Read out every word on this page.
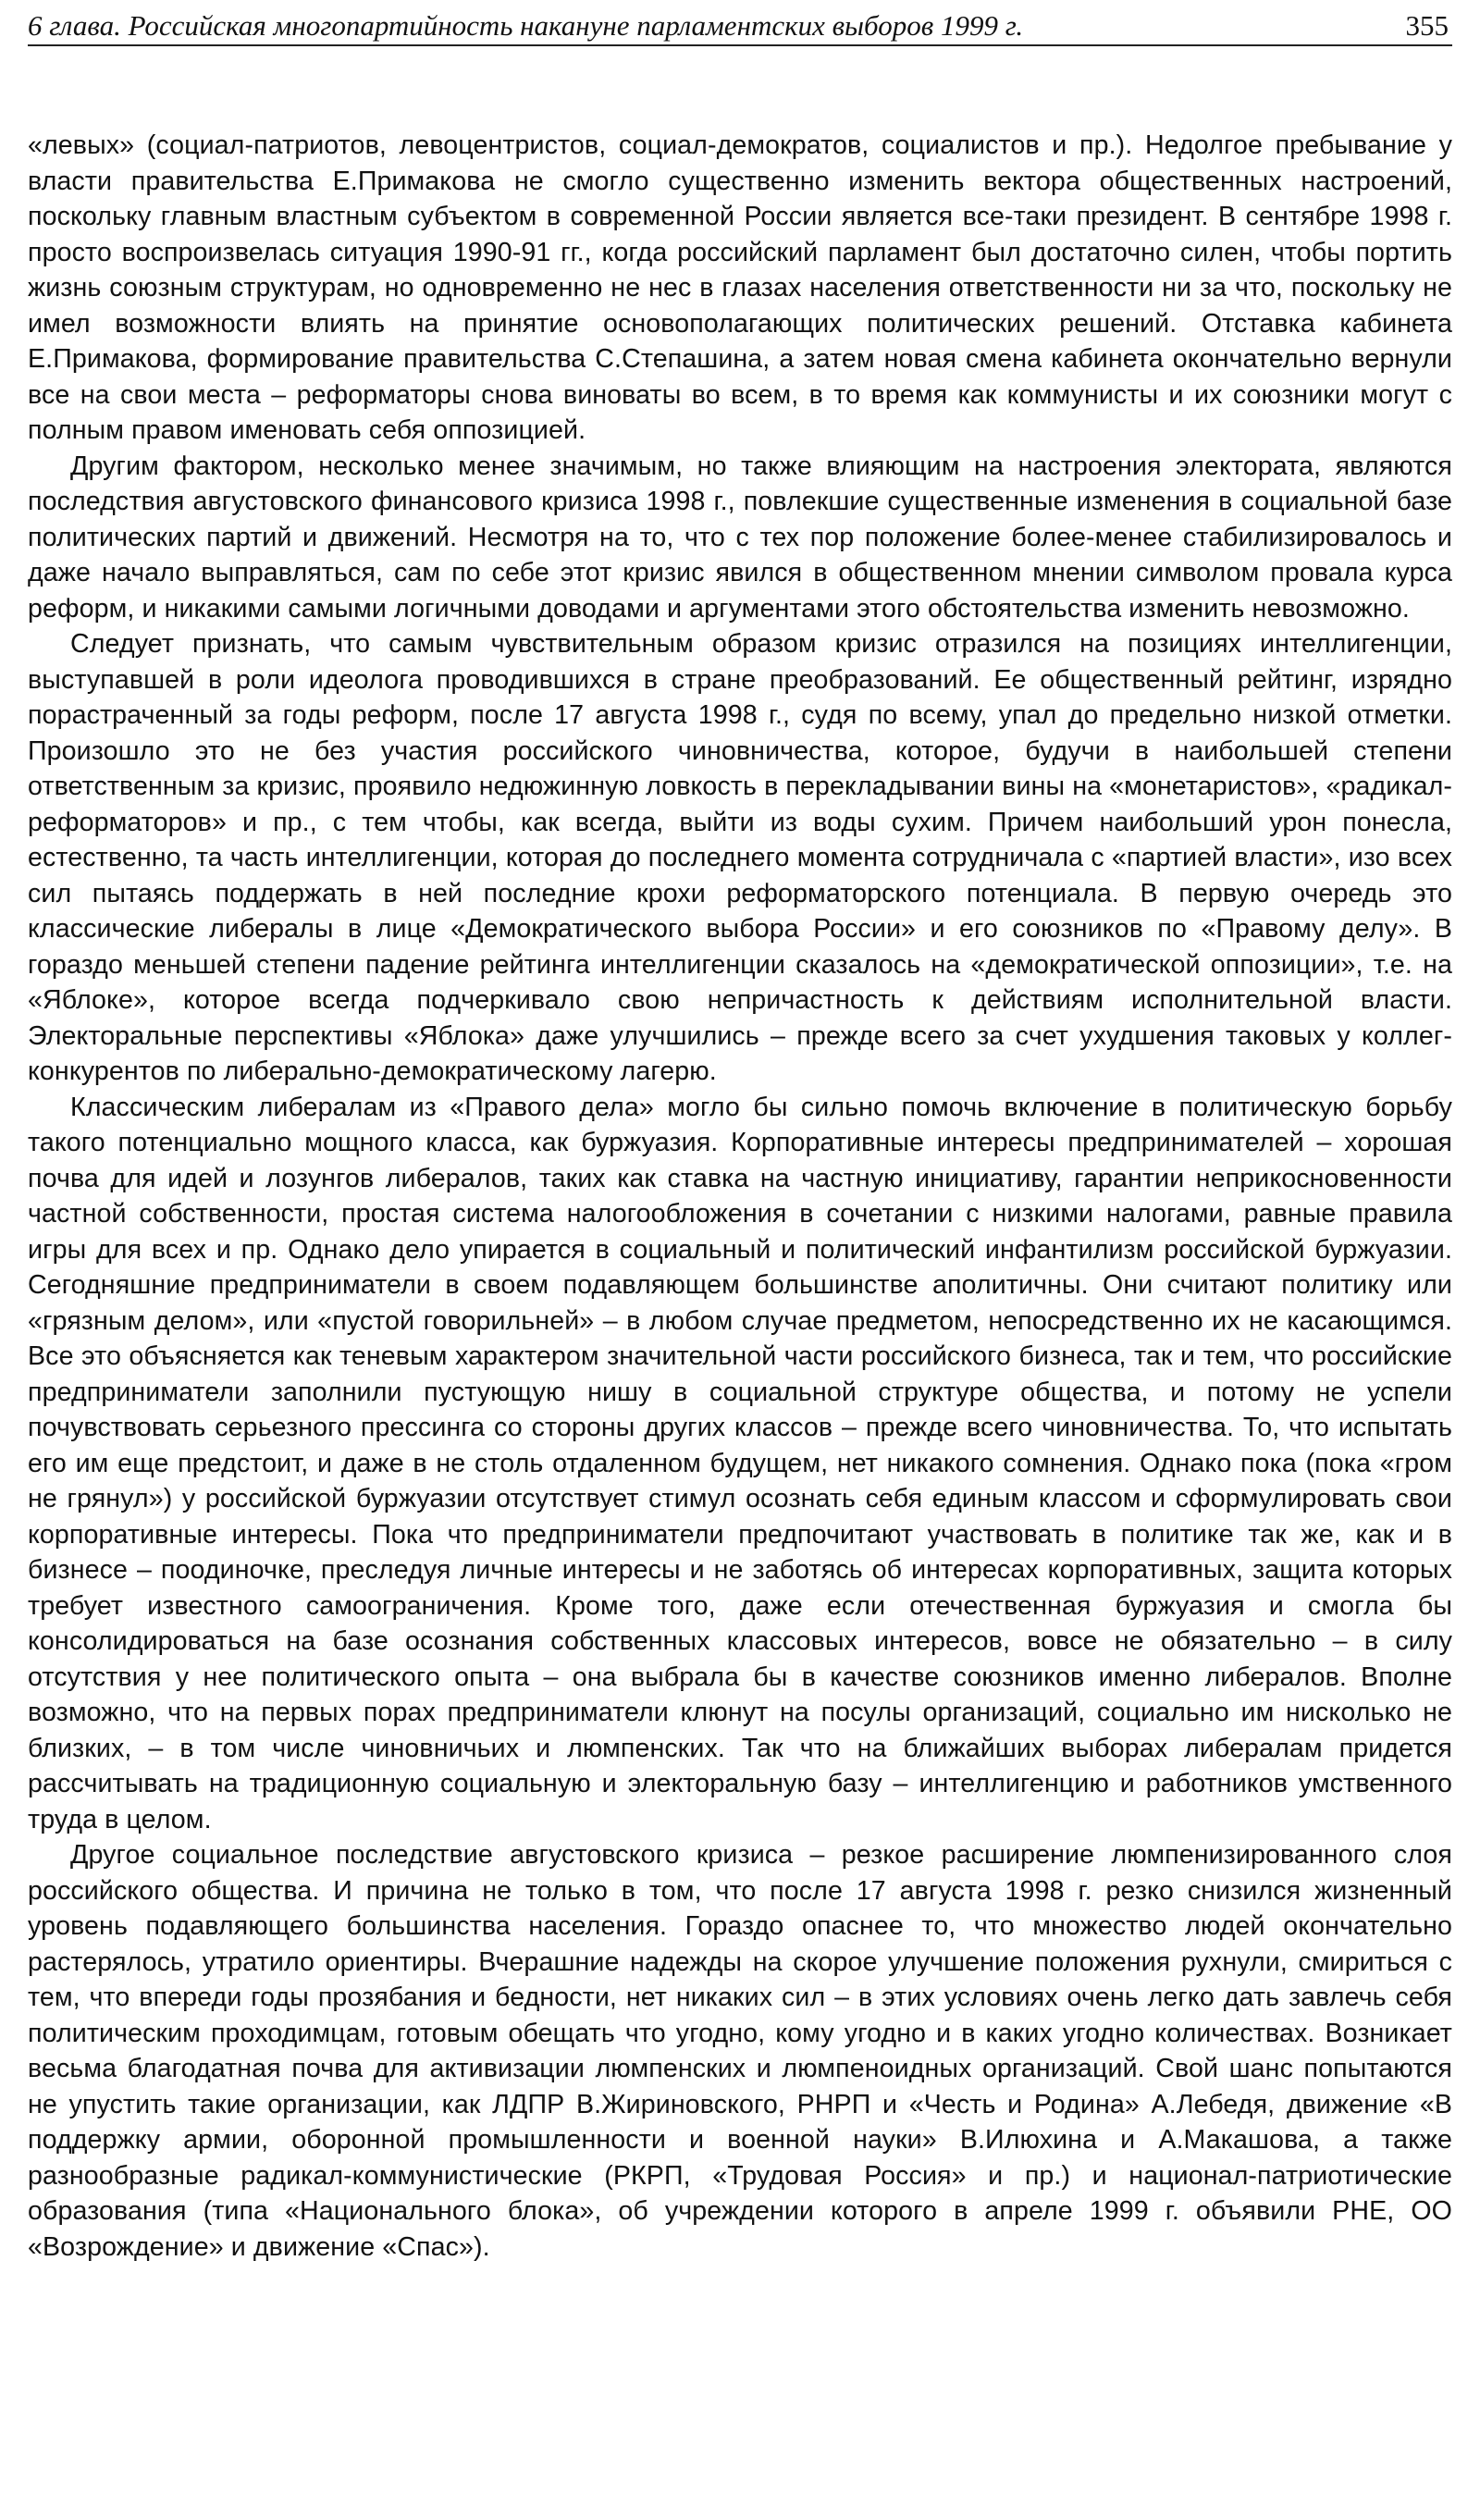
6 глава. Российская многопартийность накануне парламентских выборов 1999 г.	355

«левых» (социал-патриотов, левоцентристов, социал-демократов, социалистов и пр.). Недолгое пребывание у власти правительства Е.Примакова не смогло существенно изменить вектора общественных настроений, поскольку главным властным субъектом в современной России является все-таки президент. В сентябре 1998 г. просто воспроизвелась ситуация 1990-91 гг., когда российский парламент был достаточно силен, чтобы портить жизнь союзным структурам, но одновременно не нес в глазах населения ответственности ни за что, поскольку не имел возможности влиять на принятие основополагающих политических решений. Отставка кабинета Е.Примакова, формирование правительства С.Степашина, а затем новая смена кабинета окончательно вернули все на свои места – реформаторы снова виноваты во всем, в то время как коммунисты и их союзники могут с полным правом именовать себя оппозицией.

Другим фактором, несколько менее значимым, но также влияющим на настроения электората, являются последствия августовского финансового кризиса 1998 г., повлекшие существенные изменения в социальной базе политических партий и движений. Несмотря на то, что с тех пор положение более-менее стабилизировалось и даже начало выправляться, сам по себе этот кризис явился в общественном мнении символом провала курса реформ, и никакими самыми логичными доводами и аргументами этого обстоятельства изменить невозможно.

Следует признать, что самым чувствительным образом кризис отразился на позициях интеллигенции, выступавшей в роли идеолога проводившихся в стране преобразований. Ее общественный рейтинг, изрядно порастраченный за годы реформ, после 17 августа 1998 г., судя по всему, упал до предельно низкой отметки. Произошло это не без участия российского чиновничества, которое, будучи в наибольшей степени ответственным за кризис, проявило недюжинную ловкость в перекладывании вины на «монетаристов», «радикал-реформаторов» и пр., с тем чтобы, как всегда, выйти из воды сухим. Причем наибольший урон понесла, естественно, та часть интеллигенции, которая до последнего момента сотрудничала с «партией власти», изо всех сил пытаясь поддержать в ней последние крохи реформаторского потенциала. В первую очередь это классические либералы в лице «Демократического выбора России» и его союзников по «Правому делу». В гораздо меньшей степени падение рейтинга интеллигенции сказалось на «демократической оппозиции», т.е. на «Яблоке», которое всегда подчеркивало свою непричастность к действиям исполнительной власти. Электоральные перспективы «Яблока» даже улучшились – прежде всего за счет ухудшения таковых у коллег-конкурентов по либерально-демократическому лагерю.

Классическим либералам из «Правого дела» могло бы сильно помочь включение в политическую борьбу такого потенциально мощного класса, как буржуазия. Корпоративные интересы предпринимателей – хорошая почва для идей и лозунгов либералов, таких как ставка на частную инициативу, гарантии неприкосновенности частной собственности, простая система налогообложения в сочетании с низкими налогами, равные правила игры для всех и пр. Однако дело упирается в социальный и политический инфантилизм российской буржуазии. Сегодняшние предприниматели в своем подавляющем большинстве аполитичны. Они считают политику или «грязным делом», или «пустой говорильней» – в любом случае предметом, непосредственно их не касающимся. Все это объясняется как теневым характером значительной части российского бизнеса, так и тем, что российские предприниматели заполнили пустующую нишу в социальной структуре общества, и потому не успели почувствовать серьезного прессинга со стороны других классов – прежде всего чиновничества. То, что испытать его им еще предстоит, и даже в не столь отдаленном будущем, нет никакого сомнения. Однако пока (пока «гром не грянул») у российской буржуазии отсутствует стимул осознать себя единым классом и сформулировать свои корпоративные интересы. Пока что предприниматели предпочитают участвовать в политике так же, как и в бизнесе – поодиночке, преследуя личные интересы и не заботясь об интересах корпоративных, защита которых требует известного самоограничения. Кроме того, даже если отечественная буржуазия и смогла бы консолидироваться на базе осознания собственных классовых интересов, вовсе не обязательно – в силу отсутствия у нее политического опыта – она выбрала бы в качестве союзников именно либералов. Вполне возможно, что на первых порах предприниматели клюнут на посулы организаций, социально им нисколько не близких, – в том числе чиновничьих и люмпенских. Так что на ближайших выборах либералам придется рассчитывать на традиционную социальную и электоральную базу – интеллигенцию и работников умственного труда в целом.

Другое социальное последствие августовского кризиса – резкое расширение люмпенизированного слоя российского общества. И причина не только в том, что после 17 августа 1998 г. резко снизился жизненный уровень подавляющего большинства населения. Гораздо опаснее то, что множество людей окончательно растерялось, утратило ориентиры. Вчерашние надежды на скорое улучшение положения рухнули, смириться с тем, что впереди годы прозябания и бедности, нет никаких сил – в этих условиях очень легко дать завлечь себя политическим проходимцам, готовым обещать что угодно, кому угодно и в каких угодно количествах. Возникает весьма благодатная почва для активизации люмпенских и люмпеноидных организаций. Свой шанс попытаются не упустить такие организации, как ЛДПР В.Жириновского, РНРП и «Честь и Родина» А.Лебедя, движение «В поддержку армии, оборонной промышленности и военной науки» В.Илюхина и А.Макашова, а также разнообразные радикал-коммунистические (РКРП, «Трудовая Россия» и пр.) и национал-патриотические образования (типа «Национального блока», об учреждении которого в апреле 1999 г. объявили РНЕ, ОО «Возрождение» и движение «Спас»).
